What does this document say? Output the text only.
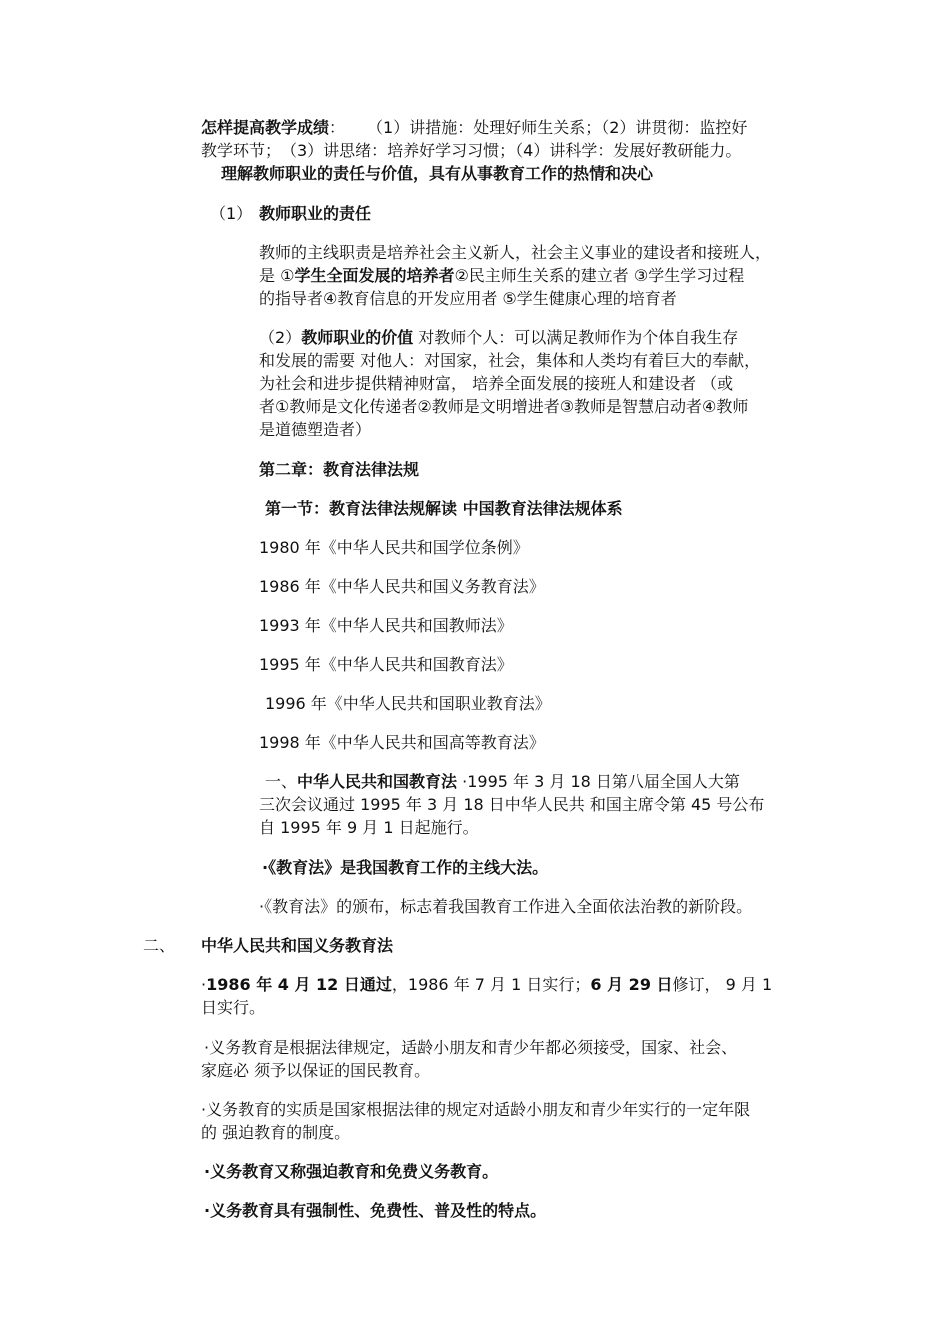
怎样提高教学成绩： （1）讲措施：处理好师生关系；（2）讲贯彻：监控好
教学环节；　（3）讲思绪：培养好学习习惯；（4）讲科学：发展好教研能力。
理解教师职业的责任与价值，具有从事教育工作的热情和决心
（1） 教师职业的责任
教师的主线职责是培养社会主义新人，社会主义事业的建设者和接班人，
是 ①学生全面发展的培养者②民主师生关系的建立者 ③学生学习过程
的指导者④教育信息的开发应用者 ⑤学生健康心理的培育者
（2）教师职业的价值 对教师个人：可以满足教师作为个体自我生存
和发展的需要 对他人：对国家，社会，集体和人类均有着巨大的奉献，
为社会和进步提供精神财富， 培养全面发展的接班人和建设者 （或
者①教师是文化传递者②教师是文明增进者③教师是智慧启动者④教师
是道德塑造者）
第二章：教育法律法规
第一节：教育法律法规解读 中国教育法律法规体系
1980 年《中华人民共和国学位条例》
1986 年《中华人民共和国义务教育法》
1993 年《中华人民共和国教师法》
1995 年《中华人民共和国教育法》
1996 年《中华人民共和国职业教育法》
1998 年《中华人民共和国高等教育法》
一、中华人民共和国教育法 ·1995 年 3 月 18 日第八届全国人大第
三次会议通过 1995 年 3 月 18 日中华人民共 和国主席令第 45 号公布
自 1995 年 9 月 1 日起施行。
·《教育法》是我国教育工作的主线大法。
·《教育法》的颁布，标志着我国教育工作进入全面依法治教的新阶段。
二、 中华人民共和国义务教育法
·1986 年 4 月 12 日通过，1986 年 7 月 1 日实行；6 月 29 日修订， 9 月 1
日实行。
·义务教育是根据法律规定，适龄小朋友和青少年都必须接受，国家、社会、
家庭必 须予以保证的国民教育。
·义务教育的实质是国家根据法律的规定对适龄小朋友和青少年实行的一定年限
的 强迫教育的制度。
·义务教育又称强迫教育和免费义务教育。
·义务教育具有强制性、免费性、普及性的特点。
